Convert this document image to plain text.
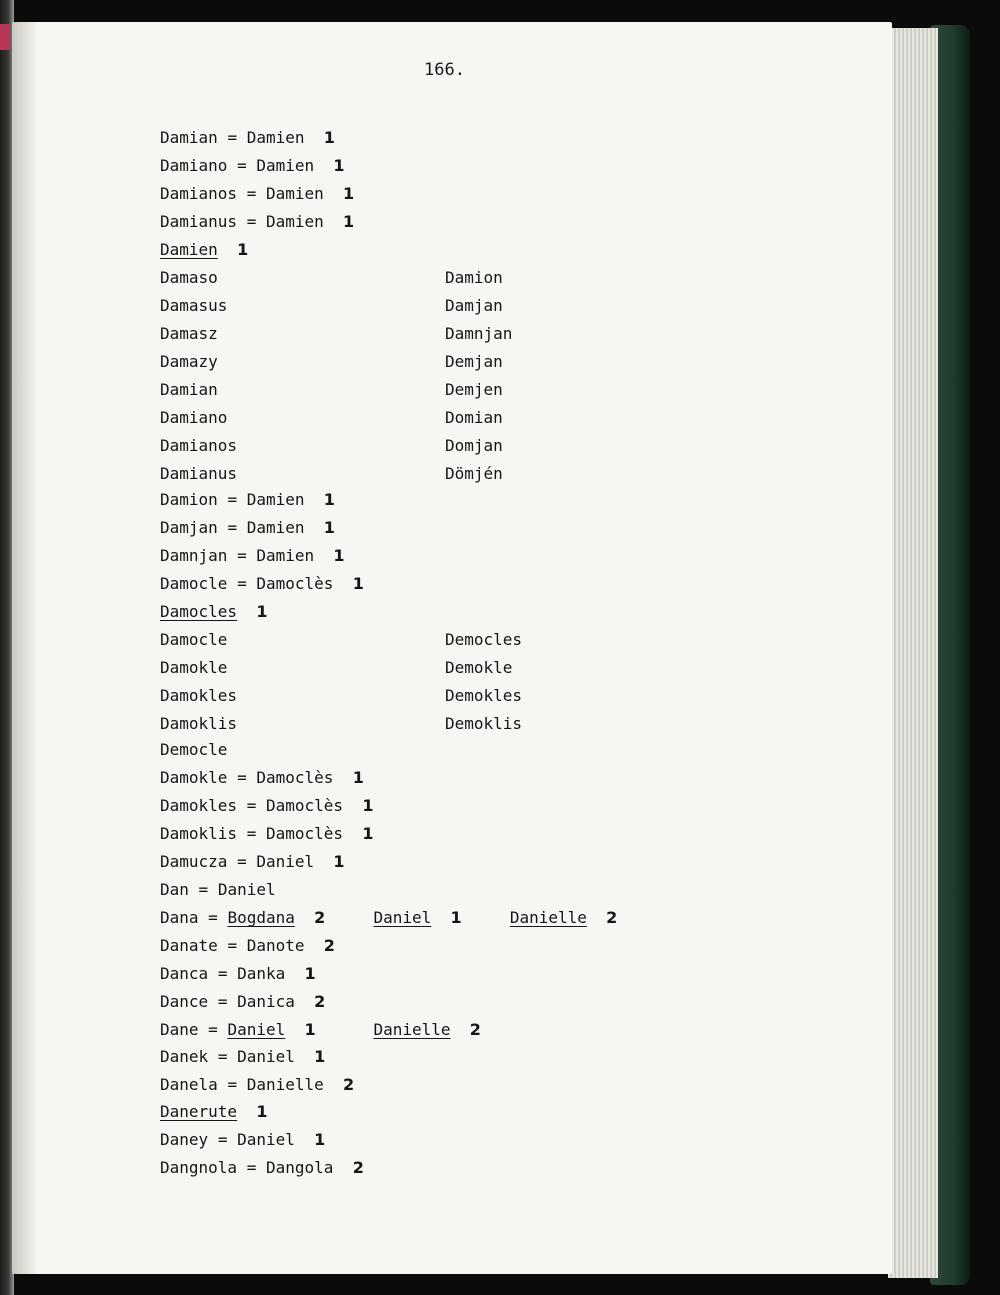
166.
Damian = Damien 1
Damiano = Damien 1
Damianos = Damien 1
Damianus = Damien 1
Damien 1
Damaso	Damion
Damasus	Damjan
Damasz	Damnjan
Damazy	Demjan
Damian	Demjen
Damiano	Domian
Damianos	Domjan
Damianus	Dömjén
Damion = Damien 1
Damjan = Damien 1
Damnjan = Damien 1
Damocle = Damoclès 1
Damocles 1
Damocle	Democles
Damokle	Demokle
Damokles	Demokles
Damoklis	Demoklis
Democle
Damokle = Damoclès 1
Damokles = Damoclès 1
Damoklis = Damoclès 1
Damucza = Daniel 1
Dan = Daniel
Dana = Bogdana 2	Daniel 1	Danielle 2
Danate = Danote 2
Danca = Danka 1
Dance = Danica 2
Dane = Daniel 1	Danielle 2
Danek = Daniel 1
Danela = Danielle 2
Danerute 1
Daney = Daniel 1
Dangnola = Dangola 2
